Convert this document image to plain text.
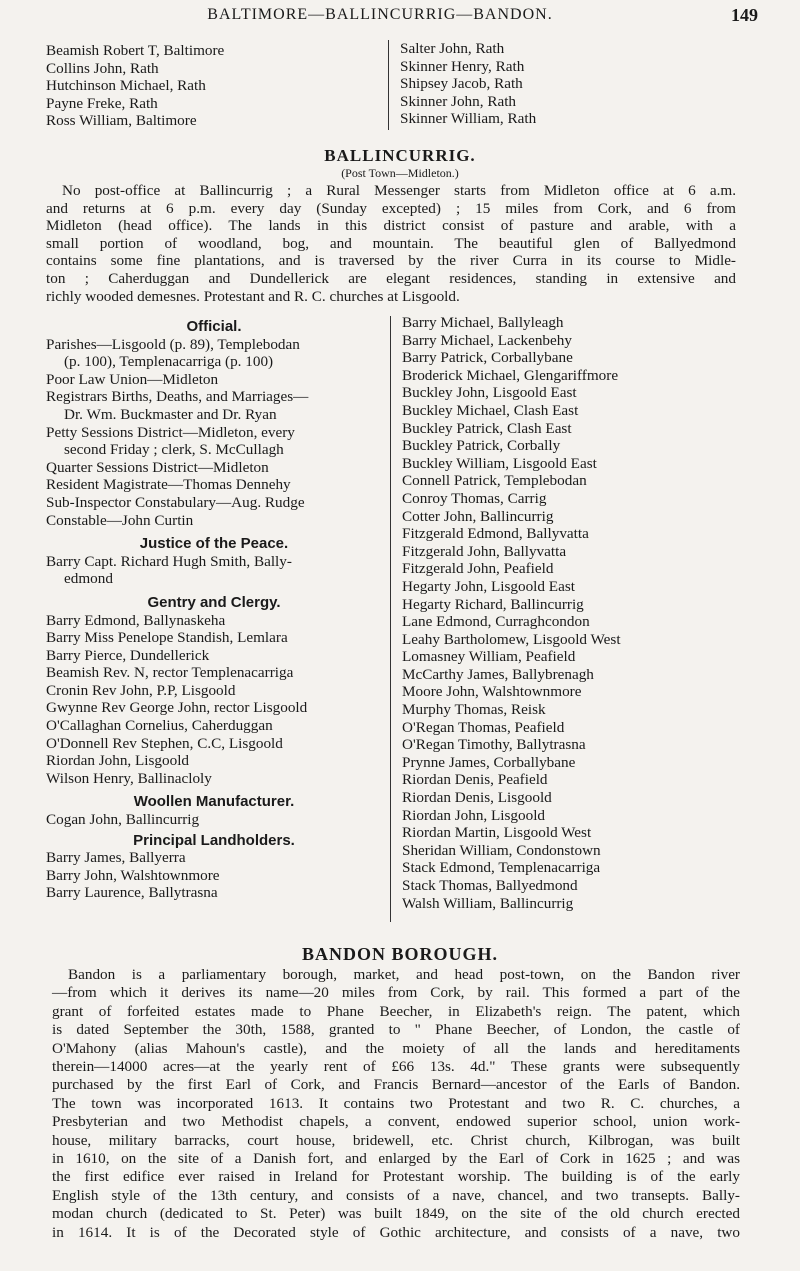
BALTIMORE—BALLINCURRIG—BANDON.	149
Beamish Robert T, Baltimore
Collins John, Rath
Hutchinson Michael, Rath
Payne Freke, Rath
Ross William, Baltimore
Salter John, Rath
Skinner Henry, Rath
Shipsey Jacob, Rath
Skinner John, Rath
Skinner William, Rath
BALLINCURRIG.
(Post Town—Midleton.)
No post-office at Ballincurrig ; a Rural Messenger starts from Midleton office at 6 a.m.
and returns at 6 p.m. every day (Sunday excepted) ; 15 miles from Cork, and 6 from
Midleton (head office). The lands in this district consist of pasture and arable, with a
small portion of woodland, bog, and mountain. The beautiful glen of Ballyedmond
contains some fine plantations, and is traversed by the river Curra in its course to Midle-
ton ; Caherduggan and Dundellerick are elegant residences, standing in extensive and
richly wooded demesnes. Protestant and R. C. churches at Lisgoold.
Official.
Parishes—Lisgoold (p. 89), Templebodan
(p. 100), Templenacarriga (p. 100)
Poor Law Union—Midleton
Registrars Births, Deaths, and Marriages—
Dr. Wm. Buckmaster and Dr. Ryan
Petty Sessions District—Midleton, every
second Friday ; clerk, S. McCullagh
Quarter Sessions District—Midleton
Resident Magistrate—Thomas Dennehy
Sub-Inspector Constabulary—Aug. Rudge
Constable—John Curtin
Justice of the Peace.
Barry Capt. Richard Hugh Smith, Bally-
edmond
Gentry and Clergy.
Barry Edmond, Ballynaskeha
Barry Miss Penelope Standish, Lemlara
Barry Pierce, Dundellerick
Beamish Rev. N, rector Templenacarriga
Cronin Rev John, P.P, Lisgoold
Gwynne Rev George John, rector Lisgoold
O'Callaghan Cornelius, Caherduggan
O'Donnell Rev Stephen, C.C, Lisgoold
Riordan John, Lisgoold
Wilson Henry, Ballinacloly
Woollen Manufacturer.
Cogan John, Ballincurrig
Principal Landholders.
Barry James, Ballyerra
Barry John, Walshtownmore
Barry Laurence, Ballytrasna
Barry Michael, Ballyleagh
Barry Michael, Lackenbehy
Barry Patrick, Corballybane
Broderick Michael, Glengariffmore
Buckley John, Lisgoold East
Buckley Michael, Clash East
Buckley Patrick, Clash East
Buckley Patrick, Corbally
Buckley William, Lisgoold East
Connell Patrick, Templebodan
Conroy Thomas, Carrig
Cotter John, Ballincurrig
Fitzgerald Edmond, Ballyvatta
Fitzgerald John, Ballyvatta
Fitzgerald John, Peafield
Hegarty John, Lisgoold East
Hegarty Richard, Ballincurrig
Lane Edmond, Curraghcondon
Leahy Bartholomew, Lisgoold West
Lomasney William, Peafield
McCarthy James, Ballybrenagh
Moore John, Walshtownmore
Murphy Thomas, Reisk
O'Regan Thomas, Peafield
O'Regan Timothy, Ballytrasna
Prynne James, Corballybane
Riordan Denis, Peafield
Riordan Denis, Lisgoold
Riordan John, Lisgoold
Riordan Martin, Lisgoold West
Sheridan William, Condonstown
Stack Edmond, Templenacarriga
Stack Thomas, Ballyedmond
Walsh William, Ballincurrig
BANDON BOROUGH.
Bandon is a parliamentary borough, market, and head post-town, on the Bandon river
—from which it derives its name—20 miles from Cork, by rail. This formed a part of the
grant of forfeited estates made to Phane Beecher, in Elizabeth's reign. The patent, which
is dated September the 30th, 1588, granted to " Phane Beecher, of London, the castle of
O'Mahony (alias Mahoun's castle), and the moiety of all the lands and hereditaments
therein—14000 acres—at the yearly rent of £66 13s. 4d." These grants were subsequently
purchased by the first Earl of Cork, and Francis Bernard—ancestor of the Earls of Bandon.
The town was incorporated 1613. It contains two Protestant and two R. C. churches, a
Presbyterian and two Methodist chapels, a convent, endowed superior school, union work-
house, military barracks, court house, bridewell, etc. Christ church, Kilbrogan, was built
in 1610, on the site of a Danish fort, and enlarged by the Earl of Cork in 1625 ; and was
the first edifice ever raised in Ireland for Protestant worship. The building is of the early
English style of the 13th century, and consists of a nave, chancel, and two transepts. Bally-
modan church (dedicated to St. Peter) was built 1849, on the site of the old church erected
in 1614. It is of the Decorated style of Gothic architecture, and consists of a nave, two
